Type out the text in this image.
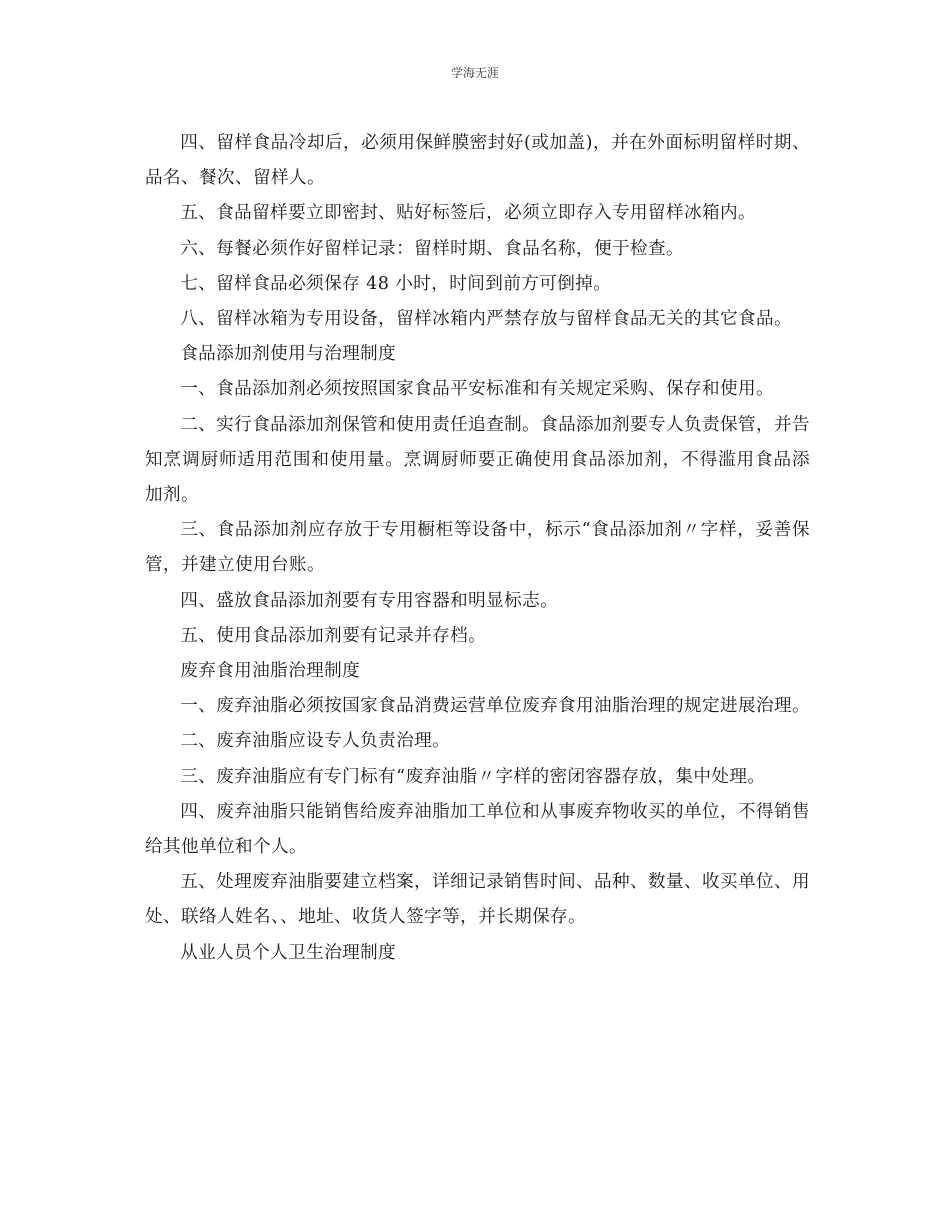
学海无涯

四、留样食品冷却后，必须用保鲜膜密封好(或加盖)，并在外面标明留样时期、品名、餐次、留样人。

五、食品留样要立即密封、贴好标签后，必须立即存入专用留样冰箱内。

六、每餐必须作好留样记录：留样时期、食品名称，便于检查。

七、留样食品必须保存 48 小时，时间到前方可倒掉。

八、留样冰箱为专用设备，留样冰箱内严禁存放与留样食品无关的其它食品。

食品添加剂使用与治理制度

一、食品添加剂必须按照国家食品平安标准和有关规定采购、保存和使用。

二、实行食品添加剂保管和使用责任追查制。食品添加剂要专人负责保管，并告知烹调厨师适用范围和使用量。烹调厨师要正确使用食品添加剂，不得滥用食品添加剂。

三、食品添加剂应存放于专用橱柜等设备中，标示“食品添加剂〃字样，妥善保管，并建立使用台账。

四、盛放食品添加剂要有专用容器和明显标志。

五、使用食品添加剂要有记录并存档。

废弃食用油脂治理制度

一、废弃油脂必须按国家食品消费运营单位废弃食用油脂治理的规定进展治理。

二、废弃油脂应设专人负责治理。

三、废弃油脂应有专门标有“废弃油脂〃字样的密闭容器存放，集中处理。

四、废弃油脂只能销售给废弃油脂加工单位和从事废弃物收买的单位，不得销售给其他单位和个人。

五、处理废弃油脂要建立档案，详细记录销售时间、品种、数量、收买单位、用处、联络人姓名、、地址、收货人签字等，并长期保存。

从业人员个人卫生治理制度
